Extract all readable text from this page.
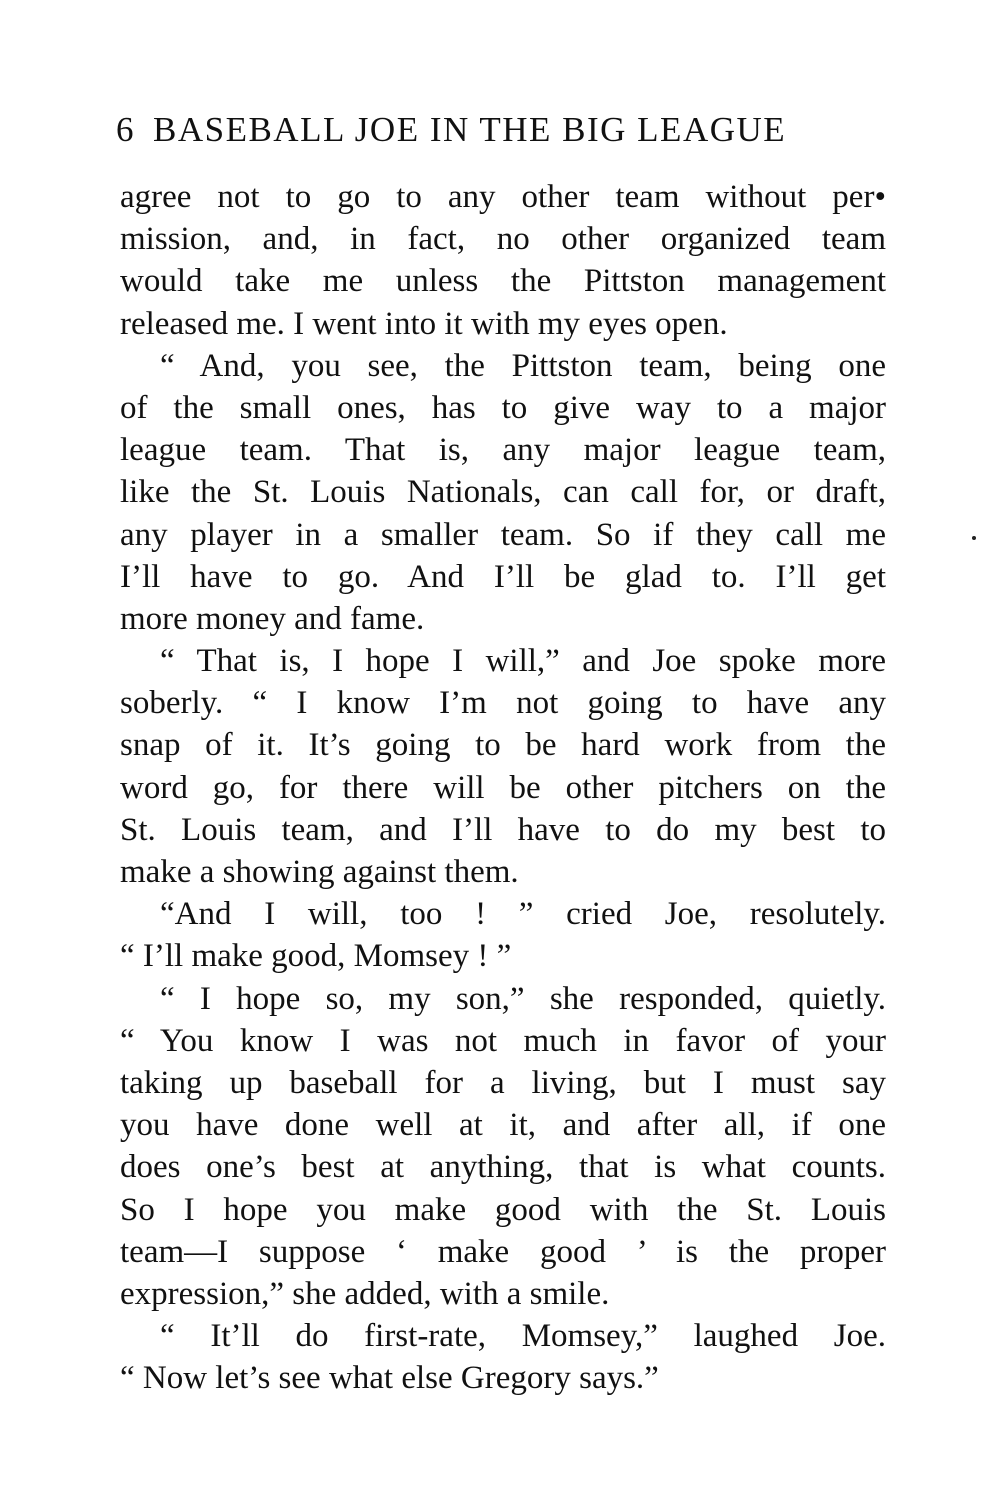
6 BASEBALL JOE IN THE BIG LEAGUE
agree not to go to any other team without per•
mission, and, in fact, no other organized team
would take me unless the Pittston management
released me. I went into it with my eyes open.
“ And, you see, the Pittston team, being one
of the small ones, has to give way to a major
league team. That is, any major league team,
like the St. Louis Nationals, can call for, or draft,
any player in a smaller team. So if they call me
I’ll have to go. And I’ll be glad to. I’ll get
more money and fame.
“ That is, I hope I will,” and Joe spoke more
soberly. “ I know I’m not going to have any
snap of it. It’s going to be hard work from the
word go, for there will be other pitchers on the
St. Louis team, and I’ll have to do my best to
make a showing against them.
“And I will, too ! ” cried Joe, resolutely.
“ I’ll make good, Momsey ! ”
“ I hope so, my son,” she responded, quietly.
“ You know I was not much in favor of your
taking up baseball for a living, but I must say
you have done well at it, and after all, if one
does one’s best at anything, that is what counts.
So I hope you make good with the St. Louis
team—I suppose ‘ make good ’ is the proper
expression,” she added, with a smile.
“ It’ll do first-rate, Momsey,” laughed Joe.
“ Now let’s see what else Gregory says.”
